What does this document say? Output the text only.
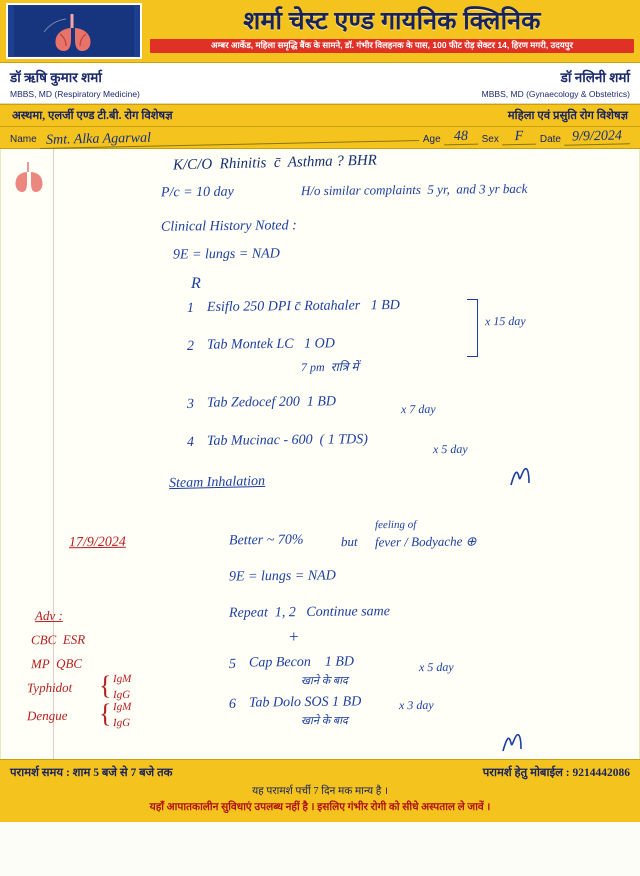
शर्मा चेस्ट एण्ड गायनिक क्लिनिक
अम्बर आर्केड, महिला समृद्धि बैंक के सामने, डॉ. गंभीर विलहनक के पास, 100 फीट रोड़ सेक्टर 14, हिरण मगरी, उदयपुर
डॉ ऋषि कुमार शर्मा
MBBS, MD (Respiratory Medicine)
डॉ नलिनी शर्मा
MBBS, MD (Gynaecology & Obstetrics)
अस्थमा, एलर्जी एण्ड टी.बी. रोग विशेषज्ञ	महिला एवं प्रसुति रोग विशेषज्ञ
Name Smt. Alka Agarwal	Age 48	Sex	F	Date 9/9/2024
K/C/O  Rhinitis  c̄  Asthma ? BHR
P/c = 10 day	H/o similar complaints  5 yr,  and 3 yr back
Clinical History Noted :
9E = lungs = NAD
R
1 Esiflo 250 DPI c̄ Rotahaler   1 BD
2 Tab Montek LC   1 OD
7 pm  रात्रि में
3 Tab Zedocef 200  1 BD
4 Tab Mucinac - 600  ( 1 TDS)
x 15 day
x 7 day
x 5 day
Steam Inhalation
17/9/2024	Better ~ 70%	but
feeling of
fever / Bodyache ⊕
9E = lungs = NAD
Repeat  1, 2   Continue same
+
5 Cap Becon    1 BD
खाने के बाद
x 5 day
6 Tab Dolo SOS 1 BD
खाने के बाद
x 3 day
Adv :
CBC  ESR
MP  QBC
Typhidot
Dengue
{ IgM
IgG
{ IgM
IgG
परामर्श समय : शाम 5 बजे से 7 बजे तक	परामर्श हेतु मोबाईल : 9214442086
यह परामर्श पर्ची 7 दिन मक मान्य है ।
यहाँ आपातकालीन सुविधाएं उपलब्ध नहीं है । इसलिए गंभीर रोगी को सीधे अस्पताल ले जावें ।
